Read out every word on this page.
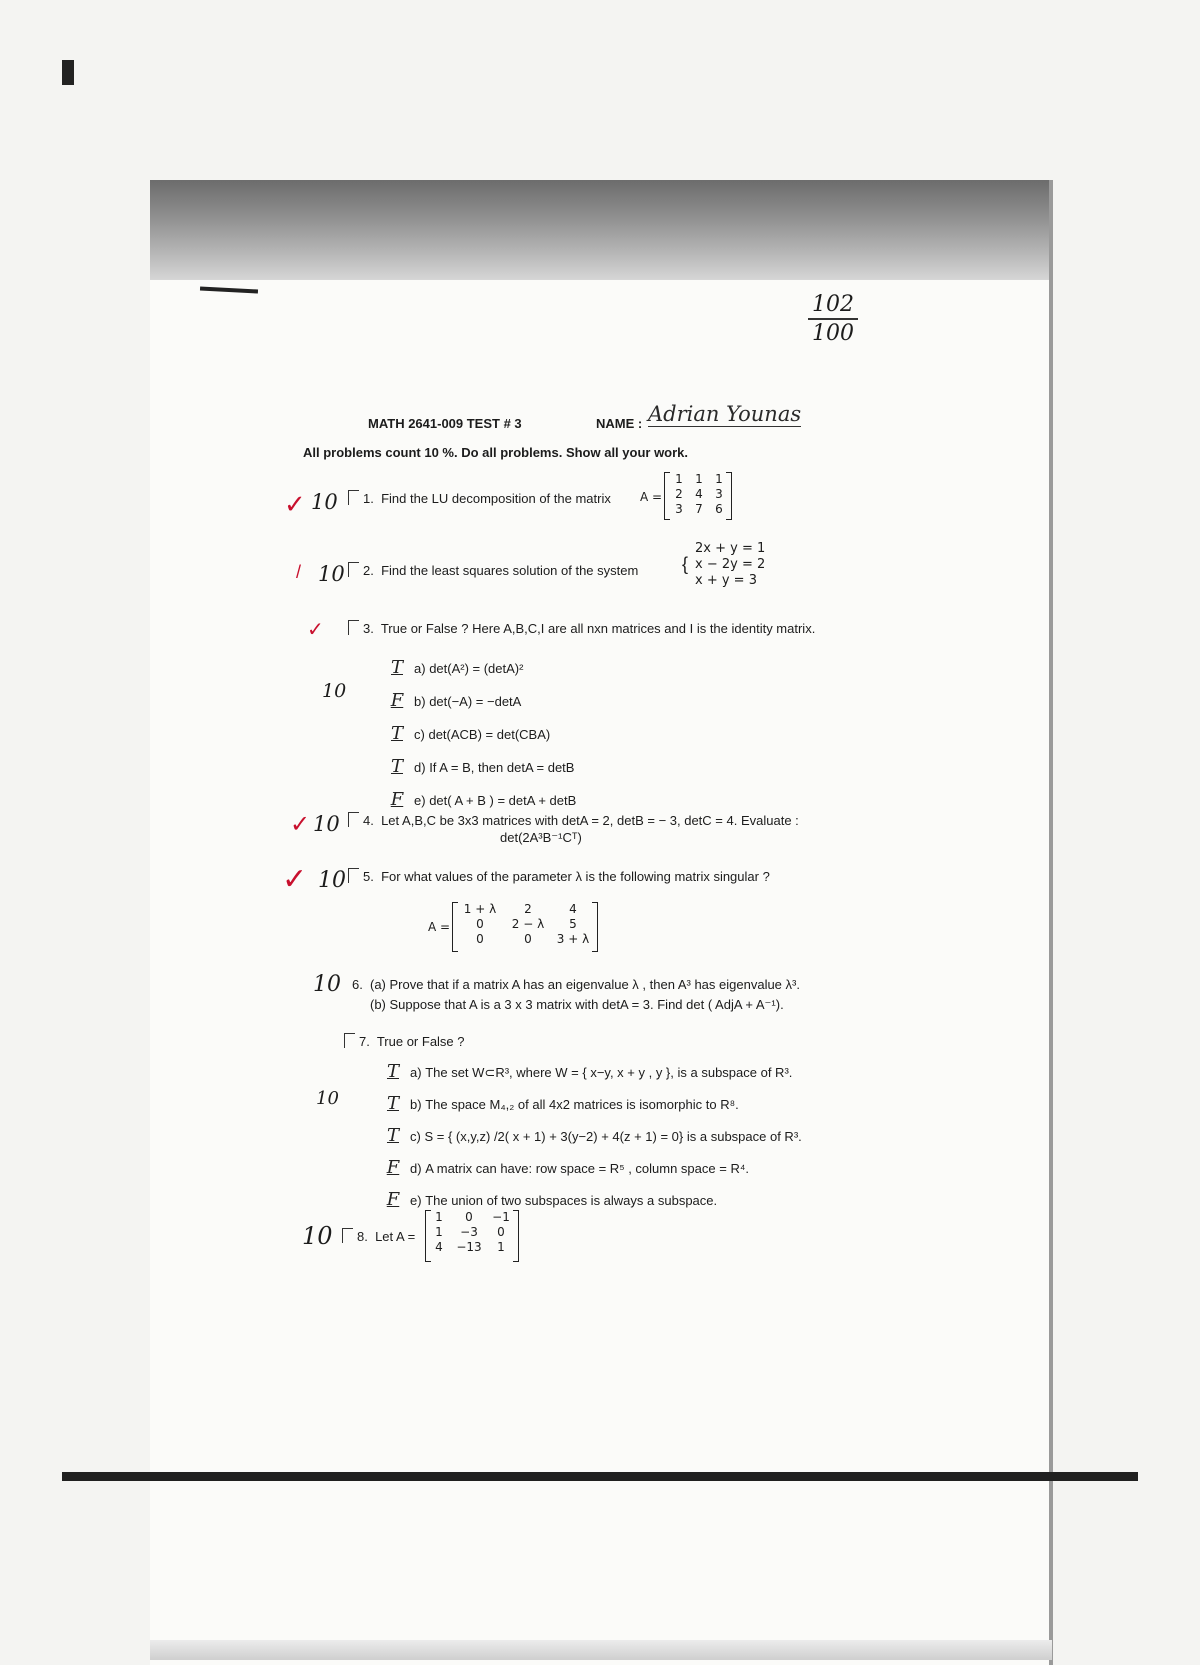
102
100
MATH 2641-009 TEST # 3	NAME : Adrian Younas
All problems count 10 %. Do all problems. Show all your work.
✓ 10	1. Find the LU decomposition of the matrix A =
1	1	1
2	4	3
3	7	6
/ 10	2. Find the least squares solution of the system {
2x + y = 1
x − 2y = 2
x + y = 3
✓	3. True or False ? Here A,B,C,I are all nxn matrices and I is the identity matrix.
10
T a)
det(A²) = (detA)²
F b)
det(−A) = −detA
T c)
det(ACB) = det(CBA)
T d)
If A = B, then detA = detB
F e)
det( A + B ) = detA + detB
✓ 10	4. Let A,B,C be 3x3 matrices with detA = 2, detB = − 3, detC = 4. Evaluate :
det(2A³B⁻¹Cᵀ)
✓ 10	5. For what values of the parameter λ is the following matrix singular ?
A =
1 + λ	2	4
0	2 − λ	5
0	0	3 + λ
10 6. (a) Prove that if a matrix A has an eigenvalue λ , then A³ has eigenvalue λ³.
(b) Suppose that A is a 3 x 3 matrix with detA = 3. Find det ( AdjA + A⁻¹).
7. True or False ?
10
T a)
The set W⊂R³, where W = { x−y, x + y , y }, is a subspace of R³.
T b)
The space M₄,₂ of all 4x2 matrices is isomorphic to R⁸.
T c)
S = { (x,y,z) /2( x + 1) + 3(y−2) + 4(z + 1) = 0} is a subspace of R³.
F d)
A matrix can have: row space = R⁵ , column space = R⁴.
F e)
The union of two subspaces is always a subspace.
10	8. Let A =
1	0	−1
1	−3	0
4	−13	1
